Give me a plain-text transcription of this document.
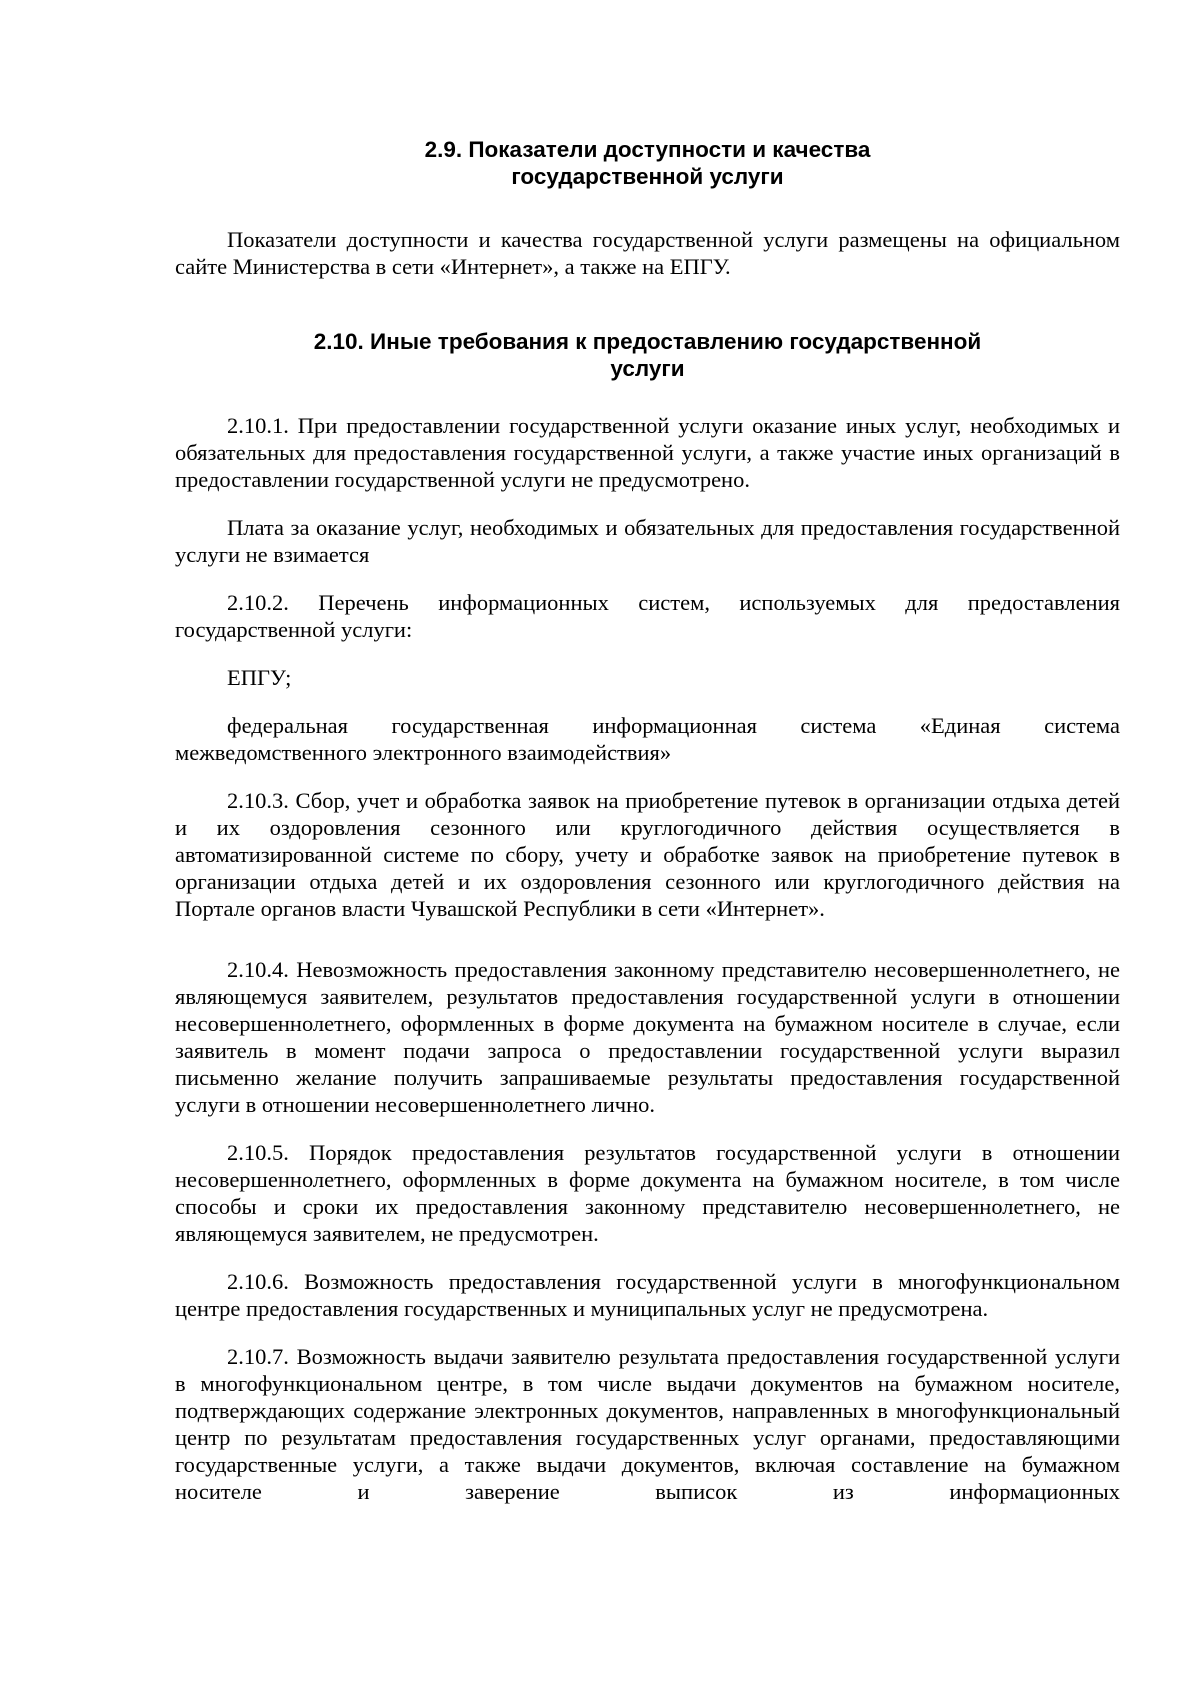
2.9. Показатели доступности и качества
государственной услуги

Показатели доступности и качества государственной услуги размещены на официальном сайте Министерства в сети «Интернет», а также на ЕПГУ.

2.10. Иные требования к предоставлению государственной
услуги

2.10.1. При предоставлении государственной услуги оказание иных услуг, необходимых и обязательных для предоставления государственной услуги, а также участие иных организаций в предоставлении государственной услуги не предусмотрено.

Плата за оказание услуг, необходимых и обязательных для предоставления государственной услуги не взимается

2.10.2. Перечень информационных систем, используемых для предоставления государственной услуги:

ЕПГУ;

федеральная государственная информационная система «Единая система межведомственного электронного взаимодействия»

2.10.3. Сбор, учет и обработка заявок на приобретение путевок в организации отдыха детей и их оздоровления сезонного или круглогодичного действия осуществляется в автоматизированной системе по сбору, учету и обработке заявок на приобретение путевок в организации отдыха детей и их оздоровления сезонного или круглогодичного действия на Портале органов власти Чувашской Республики в сети «Интернет».

2.10.4. Невозможность предоставления законному представителю несовершеннолетнего, не являющемуся заявителем, результатов предоставления государственной услуги в отношении несовершеннолетнего, оформленных в форме документа на бумажном носителе в случае, если заявитель в момент подачи запроса о предоставлении государственной услуги выразил письменно желание получить запрашиваемые результаты предоставления государственной услуги в отношении несовершеннолетнего лично.

2.10.5. Порядок предоставления результатов государственной услуги в отношении несовершеннолетнего, оформленных в форме документа на бумажном носителе, в том числе способы и сроки их предоставления законному представителю несовершеннолетнего, не являющемуся заявителем, не предусмотрен.

2.10.6. Возможность предоставления государственной услуги в многофункциональном центре предоставления государственных и муниципальных услуг не предусмотрена.

2.10.7. Возможность выдачи заявителю результата предоставления государственной услуги в многофункциональном центре, в том числе выдачи документов на бумажном носителе, подтверждающих содержание электронных документов, направленных в многофункциональный центр по результатам предоставления государственных услуг органами, предоставляющими государственные услуги, а также выдачи документов, включая составление на бумажном носителе и заверение выписок из информационных
